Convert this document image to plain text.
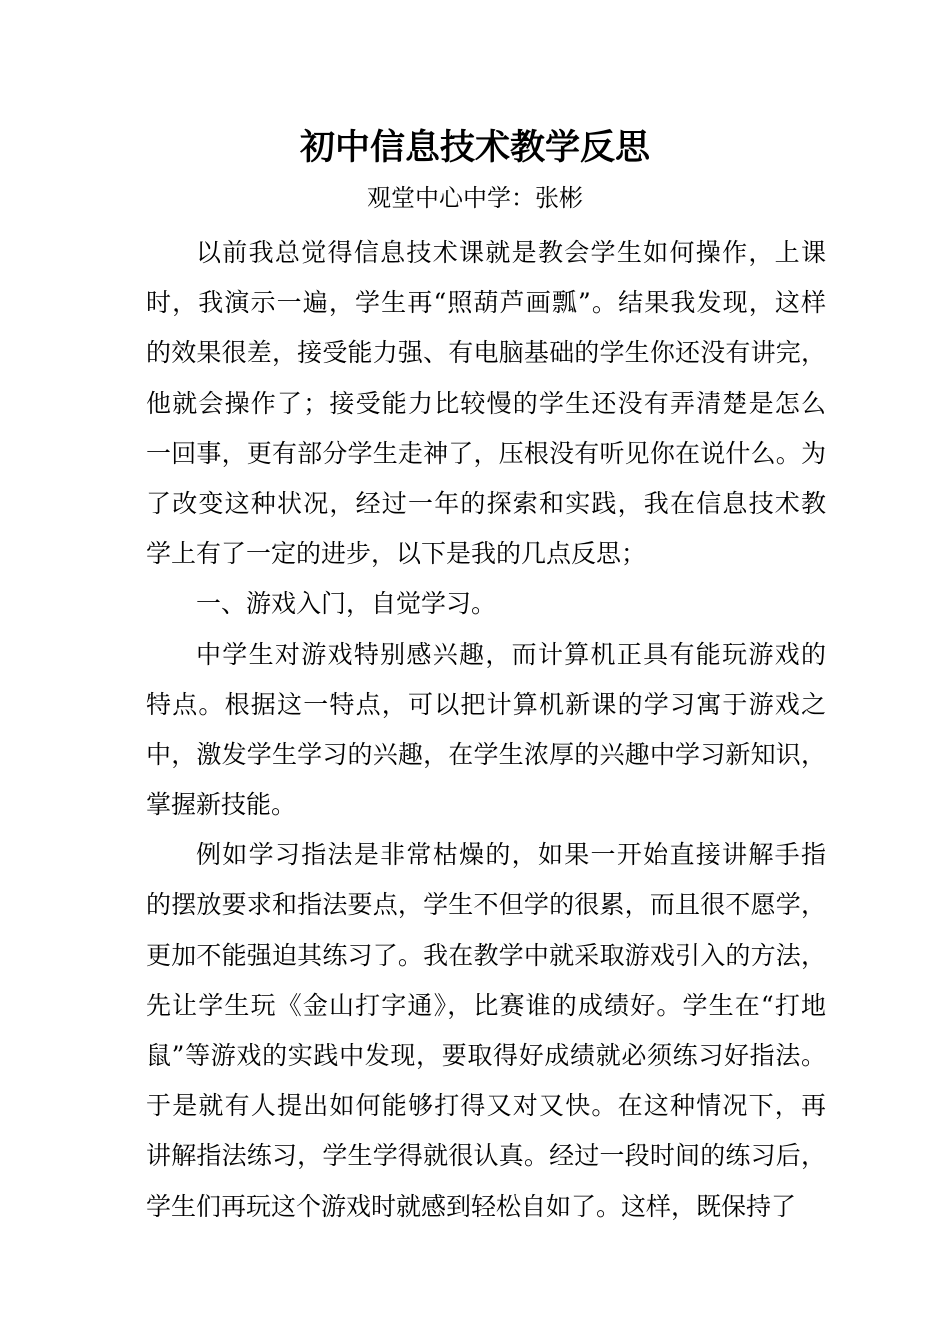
初中信息技术教学反思
观堂中心中学：张彬
以前我总觉得信息技术课就是教会学生如何操作，上课
时，我演示一遍，学生再“照葫芦画瓢”。结果我发现，这样
的效果很差，接受能力强、有电脑基础的学生你还没有讲完，
他就会操作了；接受能力比较慢的学生还没有弄清楚是怎么
一回事，更有部分学生走神了，压根没有听见你在说什么。为
了改变这种状况，经过一年的探索和实践，我在信息技术教
学上有了一定的进步，以下是我的几点反思；
一、游戏入门，自觉学习。
中学生对游戏特别感兴趣，而计算机正具有能玩游戏的
特点。根据这一特点，可以把计算机新课的学习寓于游戏之
中，激发学生学习的兴趣，在学生浓厚的兴趣中学习新知识，
掌握新技能。
例如学习指法是非常枯燥的，如果一开始直接讲解手指
的摆放要求和指法要点，学生不但学的很累，而且很不愿学，
更加不能强迫其练习了。我在教学中就采取游戏引入的方法，
先让学生玩《金山打字通》，比赛谁的成绩好。学生在“打地
鼠”等游戏的实践中发现，要取得好成绩就必须练习好指法。
于是就有人提出如何能够打得又对又快。在这种情况下，再
讲解指法练习，学生学得就很认真。经过一段时间的练习后，
学生们再玩这个游戏时就感到轻松自如了。这样，既保持了
